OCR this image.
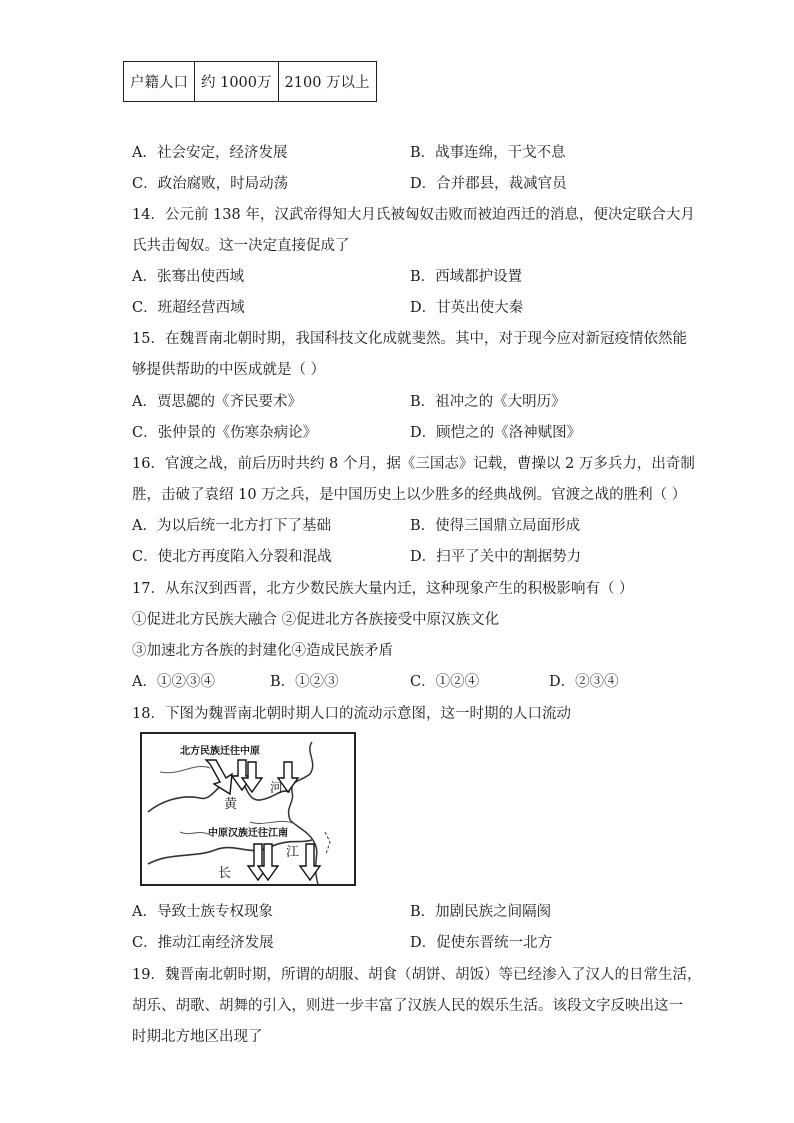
户籍人口	约 1000万	2100 万以上
A．社会安定，经济发展	B．战事连绵，干戈不息
C．政治腐败，时局动荡	D．合并郡县，裁减官员
14．公元前 138 年，汉武帝得知大月氏被匈奴击败而被迫西迁的消息，便决定联合大月
氏共击匈奴。这一决定直接促成了
A．张骞出使西域	B．西域都护设置
C．班超经营西域	D．甘英出使大秦
15．在魏晋南北朝时期，我国科技文化成就斐然。其中，对于现今应对新冠疫情依然能
够提供帮助的中医成就是（ ）
A．贾思勰的《齐民要术》	B．祖冲之的《大明历》
C．张仲景的《伤寒杂病论》	D．顾恺之的《洛神赋图》
16．官渡之战，前后历时共约 8 个月，据《三国志》记载，曹操以 2 万多兵力，出奇制
胜，击破了袁绍 10 万之兵，是中国历史上以少胜多的经典战例。官渡之战的胜利（ ）
A．为以后统一北方打下了基础	B．使得三国鼎立局面形成
C．使北方再度陷入分裂和混战	D．扫平了关中的割据势力
17．从东汉到西晋，北方少数民族大量内迁，这种现象产生的积极影响有（ ）
①促进北方民族大融合 ②促进北方各族接受中原汉族文化
③加速北方各族的封建化④造成民族矛盾
A．①②③④	B．①②③	C．①②④	D．②③④
18．下图为魏晋南北朝时期人口的流动示意图，这一时期的人口流动
北方民族迁往中原
中原汉族迁往江南
黄
河
长
江
A．导致士族专权现象	B．加剧民族之间隔阂
C．推动江南经济发展	D．促使东晋统一北方
19．魏晋南北朝时期，所谓的胡服、胡食（胡饼、胡饭）等已经渗入了汉人的日常生活，
胡乐、胡歌、胡舞的引入，则进一步丰富了汉族人民的娱乐生活。该段文字反映出这一
时期北方地区出现了
